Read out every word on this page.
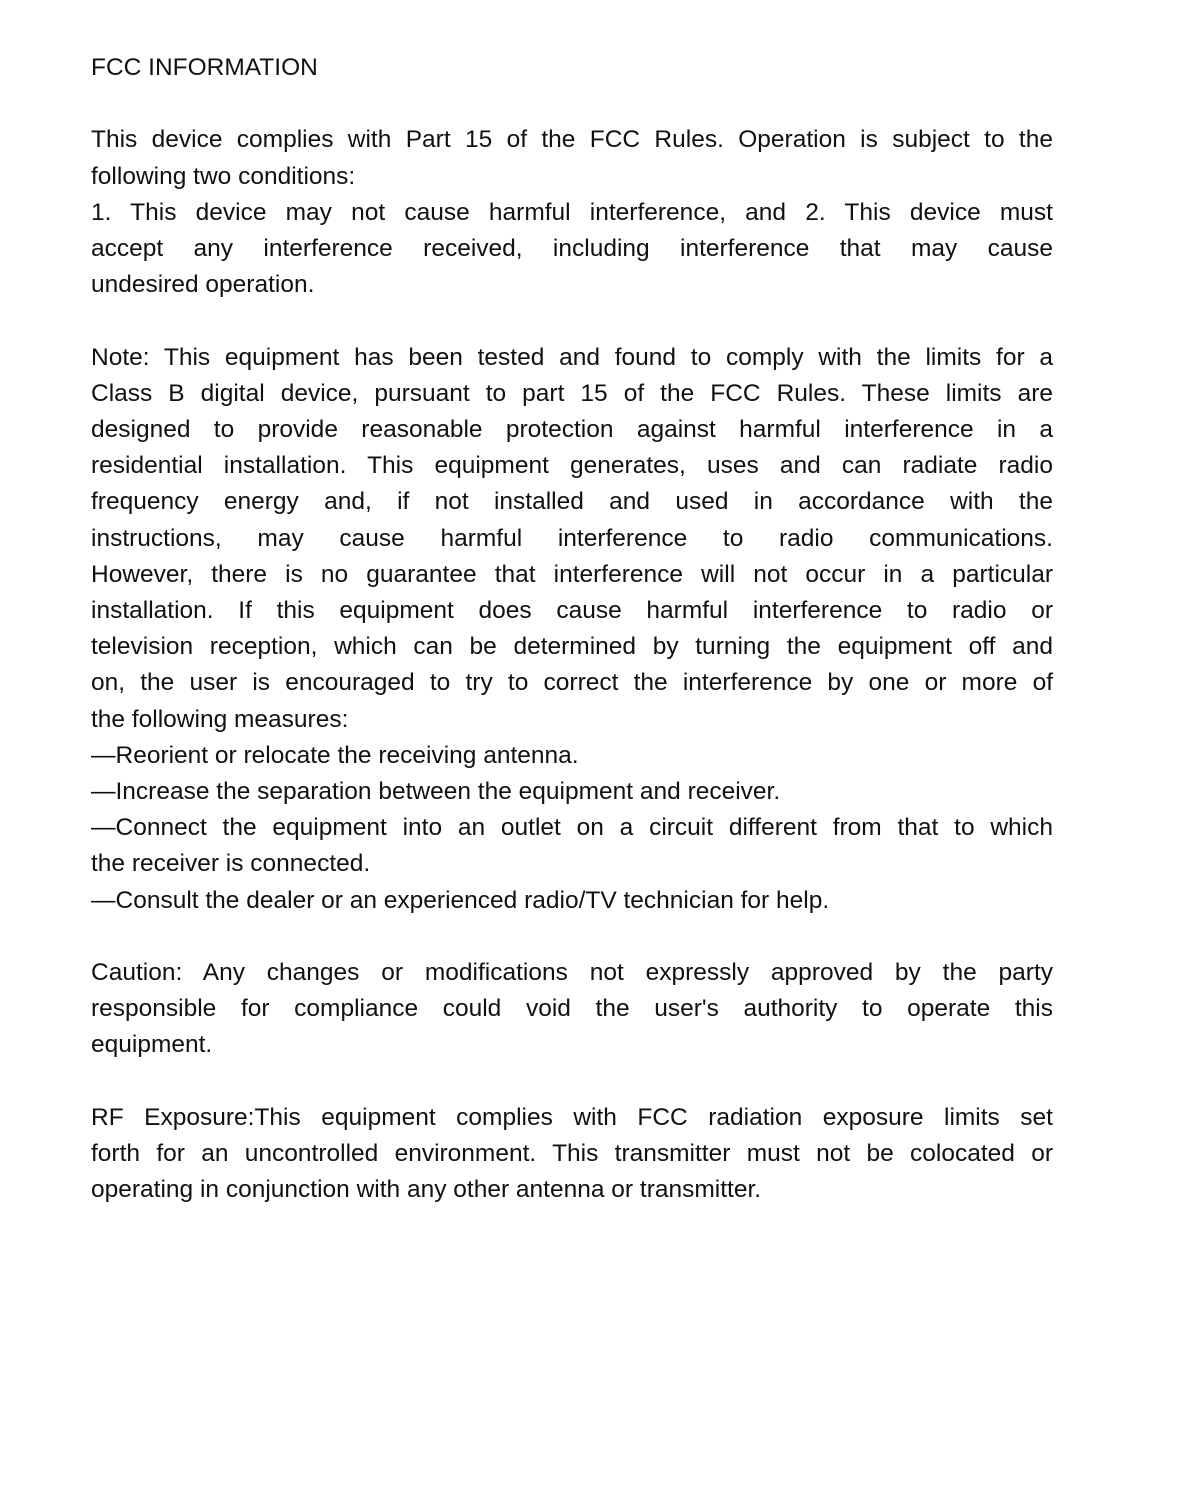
FCC INFORMATION

This device complies with Part 15 of the FCC Rules. Operation is subject to the
following two conditions:
1. This device may not cause harmful interference, and 2. This device must
accept any interference received, including interference that may cause
undesired operation.

Note: This equipment has been tested and found to comply with the limits for a
Class B digital device, pursuant to part 15 of the FCC Rules. These limits are
designed to provide reasonable protection against harmful interference in a
residential installation. This equipment generates, uses and can radiate radio
frequency energy and, if not installed and used in accordance with the
instructions, may cause harmful interference to radio communications.
However, there is no guarantee that interference will not occur in a particular
installation. If this equipment does cause harmful interference to radio or
television reception, which can be determined by turning the equipment off and
on, the user is encouraged to try to correct the interference by one or more of
the following measures:
—Reorient or relocate the receiving antenna.
—Increase the separation between the equipment and receiver.
—Connect the equipment into an outlet on a circuit different from that to which
the receiver is connected.
—Consult the dealer or an experienced radio/TV technician for help.

Caution: Any changes or modifications not expressly approved by the party
responsible for compliance could void the user's authority to operate this
equipment.

RF Exposure:This equipment complies with FCC radiation exposure limits set
forth for an uncontrolled environment. This transmitter must not be colocated or
operating in conjunction with any other antenna or transmitter.
